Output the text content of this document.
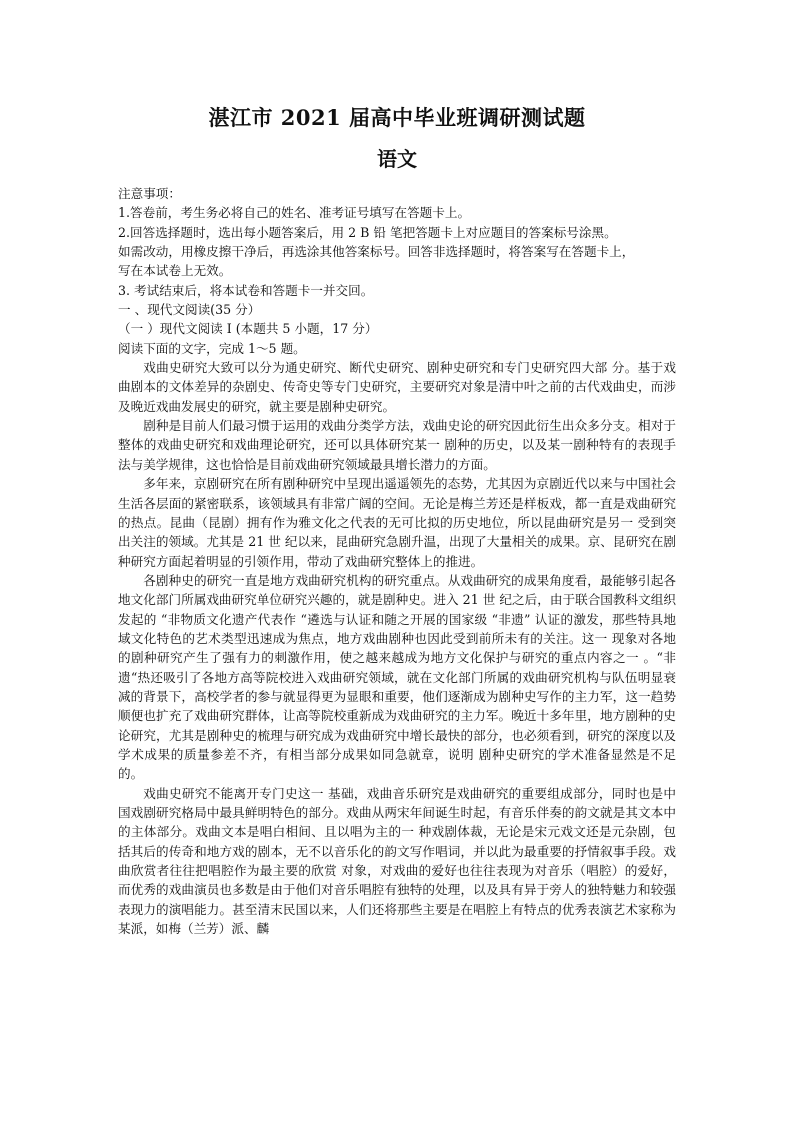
湛江市 2021 届高中毕业班调研测试题
语文
注意事项：
1.答卷前，考生务必将自己的姓名、准考证号填写在答题卡上。
2.回答选择题时，选出每小题答案后，用 2 B 铅 笔把答题卡上对应题目的答案标号涂黑。
如需改动，用橡皮擦干净后，再选涂其他答案标号。回答非选择题时，将答案写在答题卡上，
写在本试卷上无效。
3. 考试结束后，将本试卷和答题卡一并交回。
一 、现代文阅读(35 分）
（一 ）现代文阅读 I (本题共 5 小题，17 分）
阅读下面的文字，完成 1～5 题。

戏曲史研究大致可以分为通史研究、断代史研究、剧种史研究和专门史研究四大部 分。基于戏曲剧本的文体差异的杂剧史、传奇史等专门史研究，主要研究对象是清中叶之前的古代戏曲史，而涉及晚近戏曲发展史的研究，就主要是剧种史研究。

剧种是目前人们最习惯于运用的戏曲分类学方法，戏曲史论的研究因此衍生出众多分支。相对于整体的戏曲史研究和戏曲理论研究，还可以具体研究某一 剧种的历史，以及某一剧种特有的表现手法与美学规律，这也恰恰是目前戏曲研究领域最具增长潜力的方面。

多年来，京剧研究在所有剧种研究中呈现出遥遥领先的态势，尤其因为京剧近代以来与中国社会生活各层面的紧密联系，该领域具有非常广阔的空间。无论是梅兰芳还是样板戏，都一直是戏曲研究的热点。昆曲（昆剧）拥有作为雅文化之代表的无可比拟的历史地位，所以昆曲研究是另一 受到突出关注的领域。尤其是 21 世 纪以来，昆曲研究急剧升温，出现了大量相关的成果。京、昆研究在剧种研究方面起着明显的引领作用，带动了戏曲研究整体上的推进。

各剧种史的研究一直是地方戏曲研究机构的研究重点。从戏曲研究的成果角度看，最能够引起各地文化部门所属戏曲研究单位研究兴趣的，就是剧种史。进入 21 世 纪之后，由于联合国教科文组织发起的 “非物质文化遗产代表作 “遴选与认证和随之开展的国家级 “非遗” 认证的激发，那些特具地域文化特色的艺术类型迅速成为焦点，地方戏曲剧种也因此受到前所未有的关注。这一 现象对各地的剧种研究产生了强有力的刺激作用，使之越来越成为地方文化保护与研究的重点内容之一 。“非遗“热还吸引了各地方高等院校进入戏曲研究领域，就在文化部门所属的戏曲研究机构与队伍明显衰减的背景下，高校学者的参与就显得更为显眼和重要，他们逐渐成为剧种史写作的主力军，这一趋势顺便也扩充了戏曲研究群体，让高等院校重新成为戏曲研究的主力军。晚近十多年里，地方剧种的史论研究，尤其是剧种史的梳理与研究成为戏曲研究中增长最快的部分，也必须看到，研究的深度以及学术成果的质量参差不齐，有相当部分成果如同急就章，说明 剧种史研究的学术准备显然是不足的。

戏曲史研究不能离开专门史这一 基础，戏曲音乐研究是戏曲研究的重要组成部分，同时也是中国戏剧研究格局中最具鲜明特色的部分。戏曲从两宋年间诞生时起，有音乐伴奏的韵文就是其文本中的主体部分。戏曲文本是唱白相间、且以唱为主的一 种戏剧体裁，无论是宋元戏文还是元杂剧，包括其后的传奇和地方戏的剧本，无不以音乐化的韵文写作唱词，并以此为最重要的抒情叙事手段。戏曲欣赏者往往把唱腔作为最主要的欣赏 对象，对戏曲的爱好也往往表现为对音乐（唱腔）的爱好，而优秀的戏曲演员也多数是由于他们对音乐唱腔有独特的处理，以及具有异于旁人的独特魅力和较强表现力的演唱能力。甚至清末民国以来，人们还将那些主要是在唱腔上有特点的优秀表演艺术家称为某派，如梅（兰芳）派、麟
